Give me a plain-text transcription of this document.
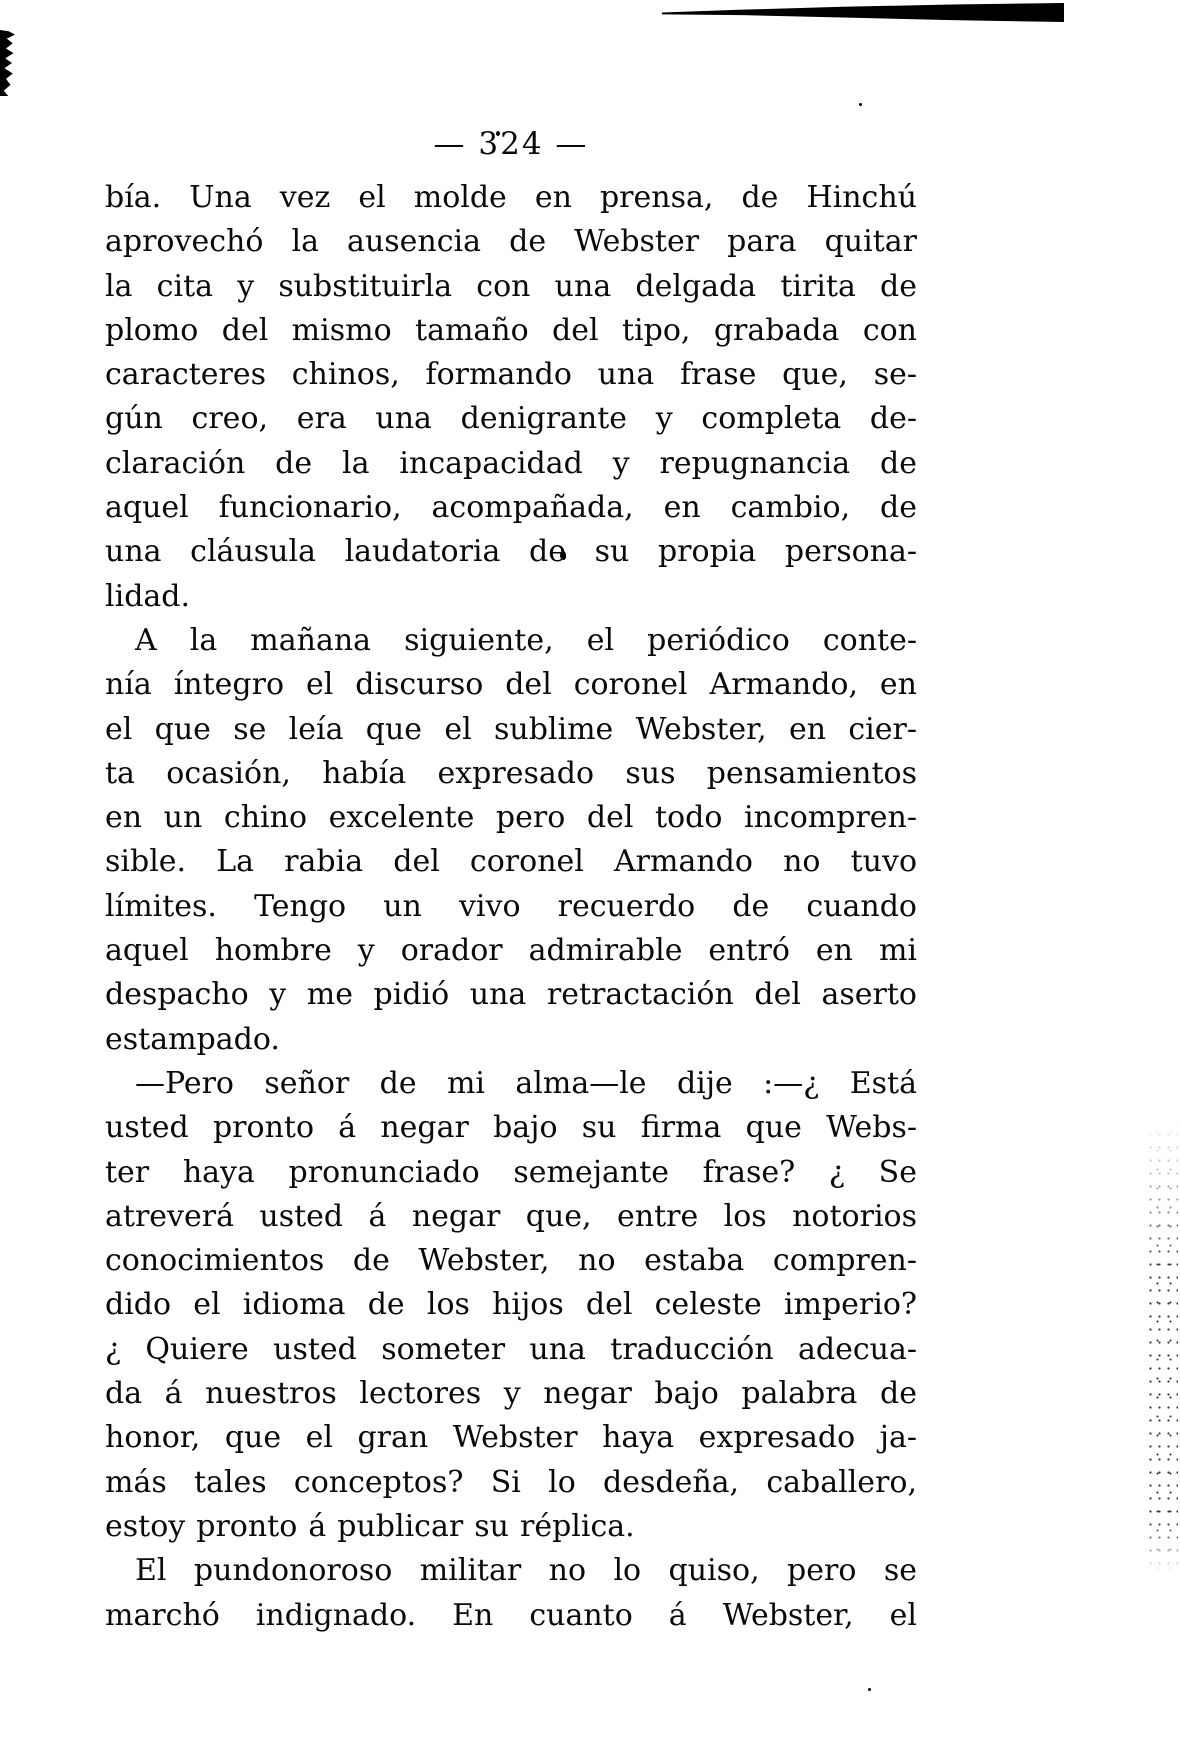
— 324 —
bía. Una vez el molde en prensa, de Hinchú
aprovechó la ausencia de Webster para quitar
la cita y substituirla con una delgada tirita de
plomo del mismo tamaño del tipo, grabada con
caracteres chinos, formando una frase que, se-
gún creo, era una denigrante y completa de-
claración de la incapacidad y repugnancia de
aquel funcionario, acompañada, en cambio, de
una cláusula laudatoria de su propia persona-
lidad.
A la mañana siguiente, el periódico conte-
nía íntegro el discurso del coronel Armando, en
el que se leía que el sublime Webster, en cier-
ta ocasión, había expresado sus pensamientos
en un chino excelente pero del todo incompren-
sible. La rabia del coronel Armando no tuvo
límites. Tengo un vivo recuerdo de cuando
aquel hombre y orador admirable entró en mi
despacho y me pidió una retractación del aserto
estampado.
—Pero señor de mi alma—le dije :—¿ Está
usted pronto á negar bajo su firma que Webs-
ter haya pronunciado semejante frase? ¿ Se
atreverá usted á negar que, entre los notorios
conocimientos de Webster, no estaba compren-
dido el idioma de los hijos del celeste imperio?
¿ Quiere usted someter una traducción adecua-
da á nuestros lectores y negar bajo palabra de
honor, que el gran Webster haya expresado ja-
más tales conceptos? Si lo desdeña, caballero,
estoy pronto á publicar su réplica.
El pundonoroso militar no lo quiso, pero se
marchó indignado. En cuanto á Webster, el
